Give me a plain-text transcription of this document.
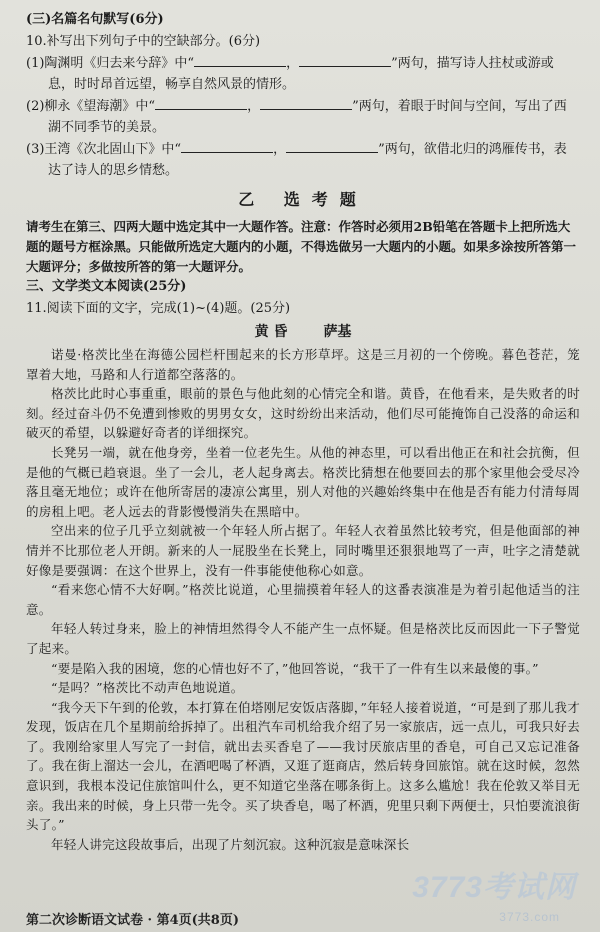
(三)名篇名句默写(6分)

10.补写出下列句子中的空缺部分。(6分)

(1)陶渊明《归去来兮辞》中“	，	”两句，描写诗人拄杖或游或

息，时时昂首远望，畅享自然风景的情形。

(2)柳永《望海潮》中“	，	”两句，着眼于时间与空间，写出了西

湖不同季节的美景。

(3)王湾《次北固山下》中“	，	”两句，欲借北归的鸿雁传书，表

达了诗人的思乡情愁。

乙 选考题

请考生在第三、四两大题中选定其中一大题作答。注意：作答时必须用2B铅笔在答题卡上把所选大题的题号方框涂黑。只能做所选定大题内的小题，不得选做另一大题内的小题。如果多涂按所答第一大题评分；多做按所答的第一大题评分。

三、文学类文本阅读(25分)

11.阅读下面的文字，完成(1)~(4)题。(25分)

黄 昏	萨基

诺曼·格茨比坐在海德公园栏杆围起来的长方形草坪。这是三月初的一个傍晚。暮色苍茫，笼罩着大地，马路和人行道都空落落的。

格茨比此时心事重重，眼前的景色与他此刻的心情完全和谐。黄昏，在他看来，是失败者的时刻。经过奋斗仍不免遭到惨败的男男女女，这时纷纷出来活动，他们尽可能掩饰自己没落的命运和破灭的希望，以躲避好奇者的详细探究。

长凳另一端，就在他身旁，坐着一位老先生。从他的神态里，可以看出他正在和社会抗衡，但是他的气概已趋衰退。坐了一会儿，老人起身离去。格茨比猜想在他要回去的那个家里他会受尽冷落且毫无地位；或许在他所寄居的凄凉公寓里，别人对他的兴趣始终集中在他是否有能力付清每周的房租上吧。老人远去的背影慢慢消失在黑暗中。

空出来的位子几乎立刻就被一个年轻人所占据了。年轻人衣着虽然比较考究，但是他面部的神情并不比那位老人开朗。新来的人一屁股坐在长凳上，同时嘴里还狠狠地骂了一声，吐字之清楚就好像是要强调：在这个世界上，没有一件事能使他称心如意。

“看来您心情不大好啊。”格茨比说道，心里揣摸着年轻人的这番表演准是为着引起他适当的注意。

年轻人转过身来，脸上的神情坦然得令人不能产生一点怀疑。但是格茨比反而因此一下子警觉了起来。

“要是陷入我的困境，您的心情也好不了，”他回答说，“我干了一件有生以来最傻的事。”

“是吗？”格茨比不动声色地说道。

“我今天下午到的伦敦，本打算在伯塔刚尼安饭店落脚，”年轻人接着说道，“可是到了那儿我才发现，饭店在几个星期前给拆掉了。出租汽车司机给我介绍了另一家旅店，远一点儿，可我只好去了。我刚给家里人写完了一封信，就出去买香皂了——我讨厌旅店里的香皂，可自己又忘记准备了。我在街上溜达一会儿，在酒吧喝了杯酒，又逛了逛商店，然后转身回旅馆。就在这时候，忽然意识到，我根本没记住旅馆叫什么，更不知道它坐落在哪条街上。这多么尴尬！我在伦敦又举目无亲。我出来的时候，身上只带一先令。买了块香皂，喝了杯酒，兜里只剩下两便士，只怕要流浪街头了。”

年轻人讲完这段故事后，出现了片刻沉寂。这种沉寂是意味深长

3773考试网
3773.com
第二次诊断语文试卷 · 第4页(共8页)
